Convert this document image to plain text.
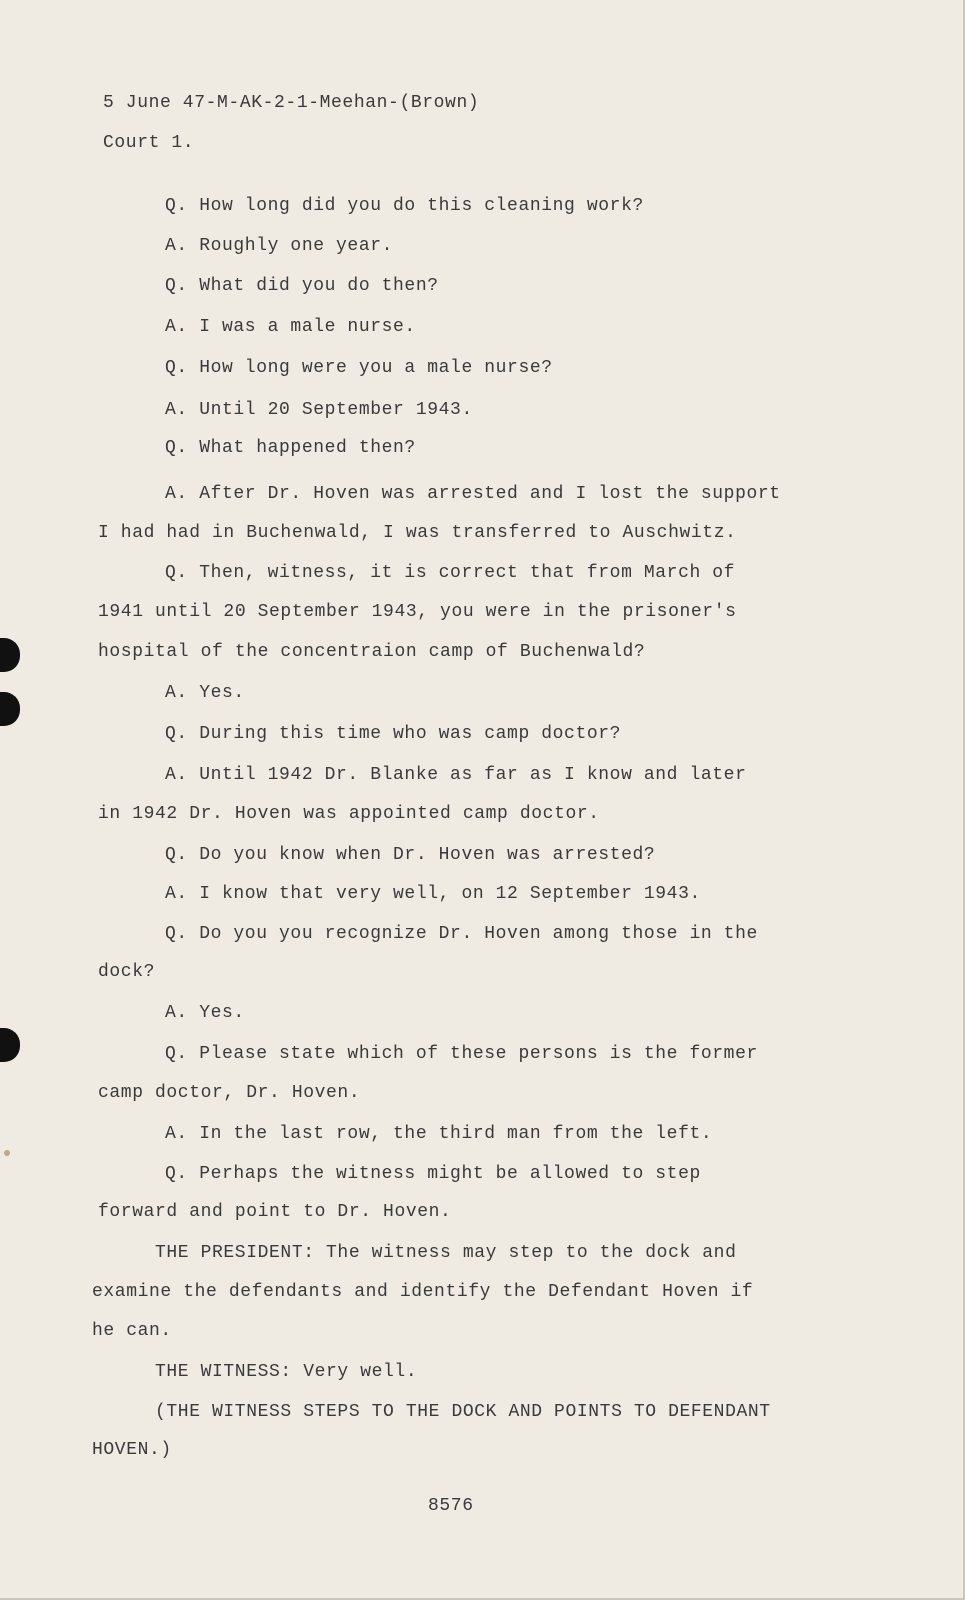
5 June 47-M-AK-2-1-Meehan-(Brown)
Court 1.
Q. How long did you do this cleaning work?
A. Roughly one year.
Q. What did you do then?
A. I was a male nurse.
Q. How long were you a male nurse?
A. Until 20 September 1943.
Q. What happened then?
A. After Dr. Hoven was arrested and I lost the support
I had had in Buchenwald, I was transferred to Auschwitz.
Q. Then, witness, it is correct that from March of
1941 until 20 September 1943, you were in the prisoner's
hospital of the concentraion camp of Buchenwald?
A. Yes.
Q. During this time who was camp doctor?
A. Until 1942 Dr. Blanke as far as I know and later
in 1942 Dr. Hoven was appointed camp doctor.
Q. Do you know when Dr. Hoven was arrested?
A. I know that very well, on 12 September 1943.
Q. Do you you recognize Dr. Hoven among those in the
dock?
A. Yes.
Q. Please state which of these persons is the former
camp doctor, Dr. Hoven.
A. In the last row, the third man from the left.
Q. Perhaps the witness might be allowed to step
forward and point to Dr. Hoven.
THE PRESIDENT: The witness may step to the dock and
examine the defendants and identify the Defendant Hoven if
he can.
THE WITNESS: Very well.
(THE WITNESS STEPS TO THE DOCK AND POINTS TO DEFENDANT
HOVEN.)
8576
